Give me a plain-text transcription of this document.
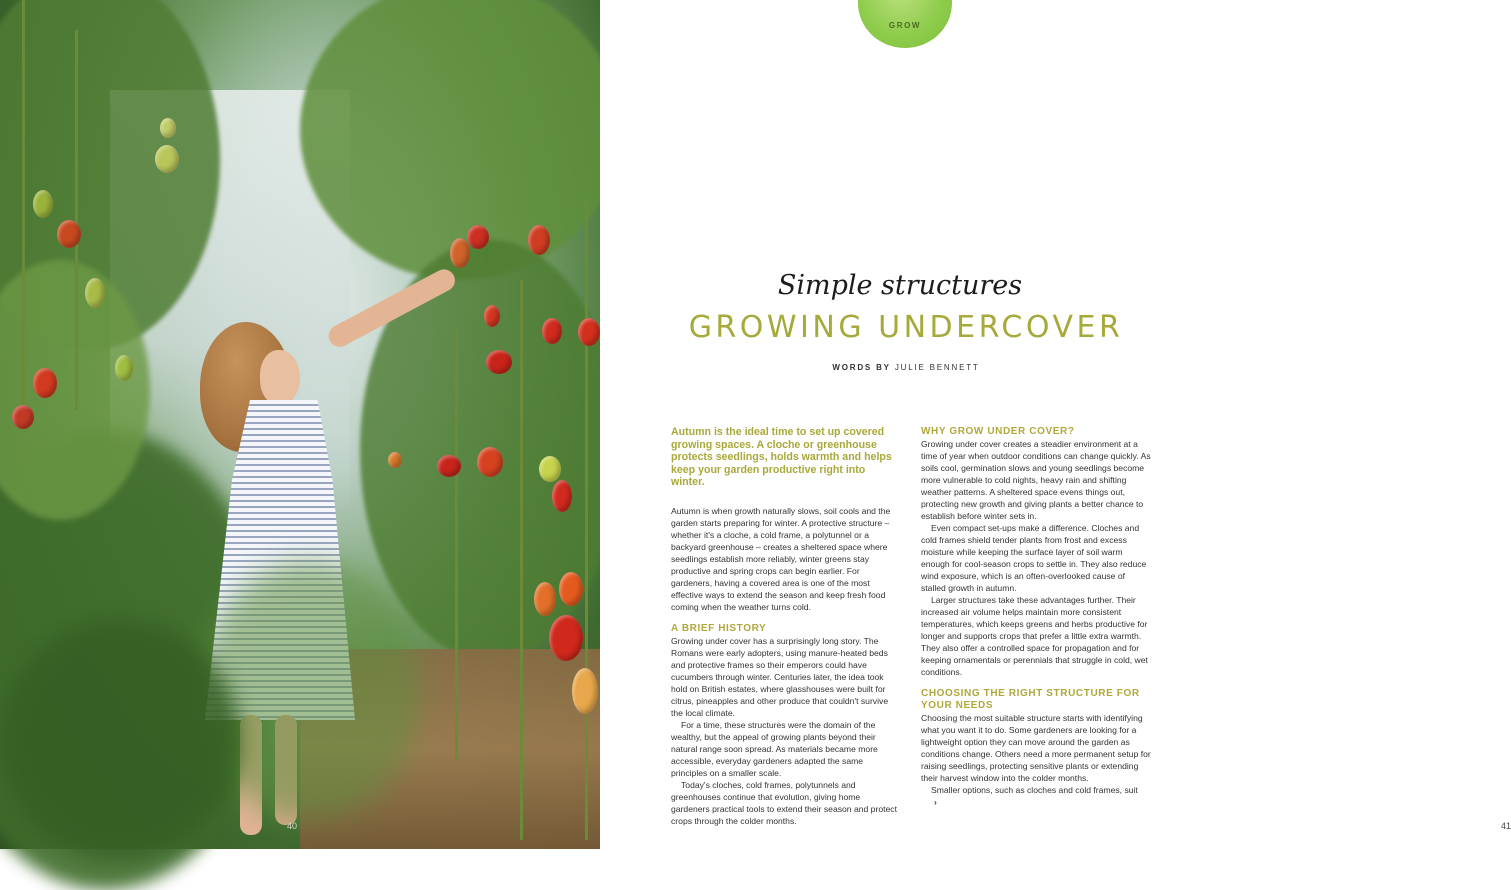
40
GROW
Simple structures
GROWING UNDERCOVER
WORDS BY JULIE BENNETT

Autumn is the ideal time to set up covered growing spaces. A cloche or greenhouse protects seedlings, holds warmth and helps keep your garden productive right into winter.

Autumn is when growth naturally slows, soil cools and the garden starts preparing for winter. A protective structure – whether it's a cloche, a cold frame, a polytunnel or a backyard greenhouse – creates a sheltered space where seedlings establish more reliably, winter greens stay productive and spring crops can begin earlier. For gardeners, having a covered area is one of the most effective ways to extend the season and keep fresh food coming when the weather turns cold.

A BRIEF HISTORY

Growing under cover has a surprisingly long story. The Romans were early adopters, using manure-heated beds and protective frames so their emperors could have cucumbers through winter. Centuries later, the idea took hold on British estates, where glasshouses were built for citrus, pineapples and other produce that couldn't survive the local climate.

For a time, these structures were the domain of the wealthy, but the appeal of growing plants beyond their natural range soon spread. As materials became more accessible, everyday gardeners adapted the same principles on a smaller scale.

Today's cloches, cold frames, polytunnels and greenhouses continue that evolution, giving home gardeners practical tools to extend their season and protect crops through the colder months.

WHY GROW UNDER COVER?

Growing under cover creates a steadier environment at a time of year when outdoor conditions can change quickly. As soils cool, germination slows and young seedlings become more vulnerable to cold nights, heavy rain and shifting weather patterns. A sheltered space evens things out, protecting new growth and giving plants a better chance to establish before winter sets in.

Even compact set-ups make a difference. Cloches and cold frames shield tender plants from frost and excess moisture while keeping the surface layer of soil warm enough for cool-season crops to settle in. They also reduce wind exposure, which is an often-overlooked cause of stalled growth in autumn.

Larger structures take these advantages further. Their increased air volume helps maintain more consistent temperatures, which keeps greens and herbs productive for longer and supports crops that prefer a little extra warmth. They also offer a controlled space for propagation and for keeping ornamentals or perennials that struggle in cold, wet conditions.

CHOOSING THE RIGHT STRUCTURE FOR YOUR NEEDS

Choosing the most suitable structure starts with identifying what you want it to do. Some gardeners are looking for a lightweight option they can move around the garden as conditions change. Others need a more permanent setup for raising seedlings, protecting sensitive plants or extending their harvest window into the colder months.

Smaller options, such as cloches and cold frames, suit›

41
